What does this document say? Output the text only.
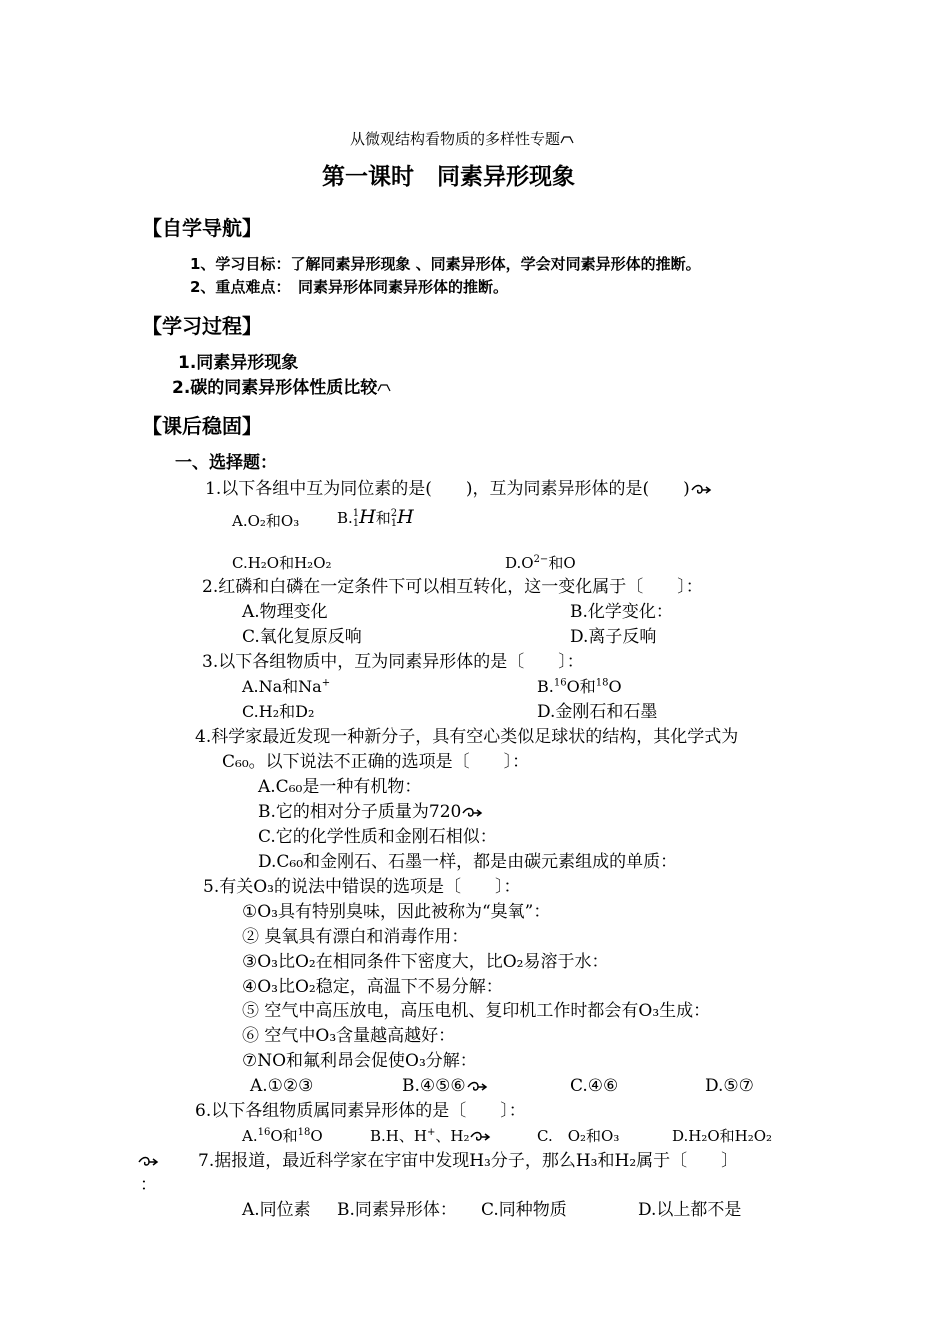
从微观结构看物质的多样性专题
第一课时　同素异形现象
【自学导航】
1、学习目标：了解同素异形现象 、同素异形体，学会对同素异形体的推断。
2、重点难点：　同素异形体同素异形体的推断。
【学习过程】
1.同素异形现象
2.碳的同素异形体性质比较
【课后稳固】
一、选择题：
1.以下各组中互为同位素的是(　　)，互为同素异形体的是(　　)
A.O₂和O₃	B.1
1H和2
1H
C.H₂O和H₂O₂	$D.O^{2-}$和O
2.红磷和白磷在一定条件下可以相互转化，这一变化属于〔　　〕：
A.物理变化	B.化学变化：
C.氧化复原反响	D.离子反响
3.以下各组物质中，互为同素异形体的是〔　　〕：
A.Na和Na+	B.$^{16}$O和$^{18}$O
C.H₂和D₂	D.金刚石和石墨
4.科学家最近发现一种新分子，具有空心类似足球状的结构，其化学式为
C₆₀。以下说法不正确的选项是〔　　〕：
A.C₆₀是一种有机物：
B.它的相对分子质量为720
C.它的化学性质和金刚石相似：
D.C₆₀和金刚石、石墨一样，都是由碳元素组成的单质：
5.有关O₃的说法中错误的选项是〔　　〕：
①O₃具有特别臭味，因此被称为“臭氧”：
② 臭氧具有漂白和消毒作用：
③O₃比O₂在相同条件下密度大，比O₂易溶于水：
④O₃比O₂稳定，高温下不易分解：
⑤ 空气中高压放电，高压电机、复印机工作时都会有O₃生成：
⑥ 空气中O₃含量越高越好：
⑦NO和氟利昂会促使O₃分解：
A.①②③	B.④⑤⑥	C.④⑥	D.⑤⑦
6.以下各组物质属同素异形体的是〔　　〕：
A.$^{16}$O和$^{18}$O	B.H、H+、H₂	C.　O₂和O₃	D.H₂O和H₂O₂
7.据报道，最近科学家在宇宙中发现H₃分子，那么H₃和H₂属于〔　　〕
：
A.同位素 B.同素异形体： C.同种物质	D.以上都不是
